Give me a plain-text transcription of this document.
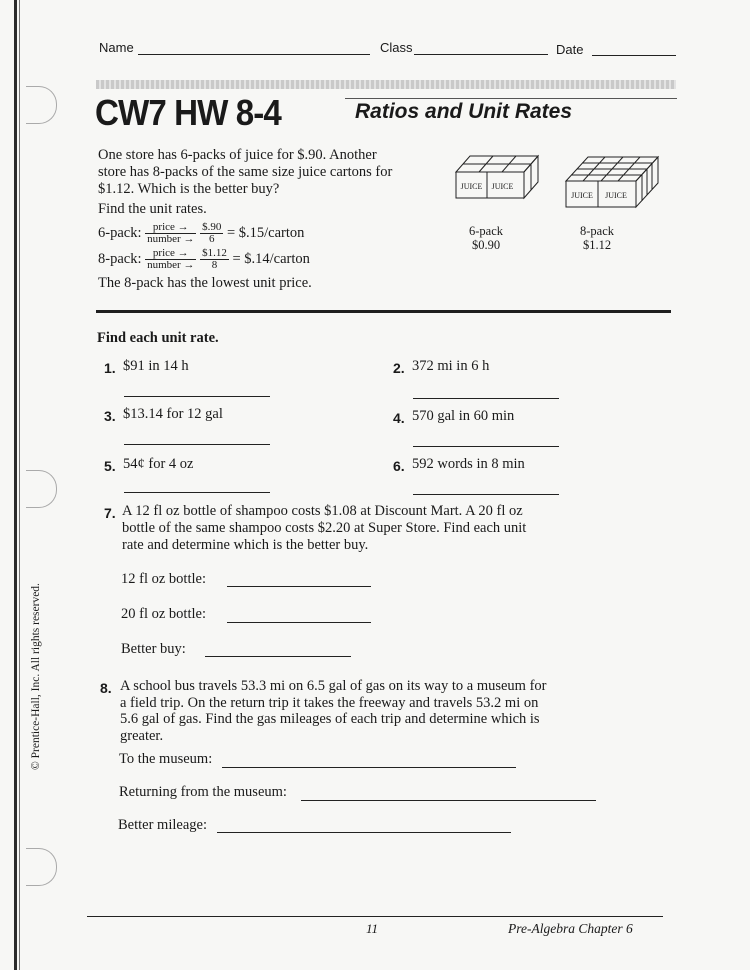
Name	Class	Date
CW7 HW 8-4	Ratios and Unit Rates
One store has 6-packs of juice for $.90. Another
store has 8-packs of the same size juice cartons for
$1.12. Which is the better buy?
Find the unit rates.
6-pack: $\frac{\text{price →}}{\text{number →}}$
$\frac{\$.90}{6}$ = $.15/carton
8-pack: $\frac{\text{price →}}{\text{number →}}$
$\frac{\$1.12}{8}$ = $.14/carton
The 8-pack has the lowest unit price.
JUICE	JUICE
6-pack
$0.90
JUICE	JUICE
8-pack
$1.12
Find each unit rate.
1. $91 in 14 h	2. 372 mi in 6 h
3. $13.14 for 12 gal	4. 570 gal in 60 min
5. 54¢ for 4 oz	6. 592 words in 8 min
7. A 12 fl oz bottle of shampoo costs $1.08 at Discount Mart. A 20 fl oz
bottle of the same shampoo costs $2.20 at Super Store. Find each unit
rate and determine which is the better buy.
12 fl oz bottle:
20 fl oz bottle:
Better buy:
8. A school bus travels 53.3 mi on 6.5 gal of gas on its way to a museum for
a field trip. On the return trip it takes the freeway and travels 53.2 mi on
5.6 gal of gas. Find the gas mileages of each trip and determine which is
greater.
To the museum:
Returning from the museum:
Better mileage:
© Prentice-Hall, Inc. All rights reserved.
11	Pre-Algebra Chapter 6
